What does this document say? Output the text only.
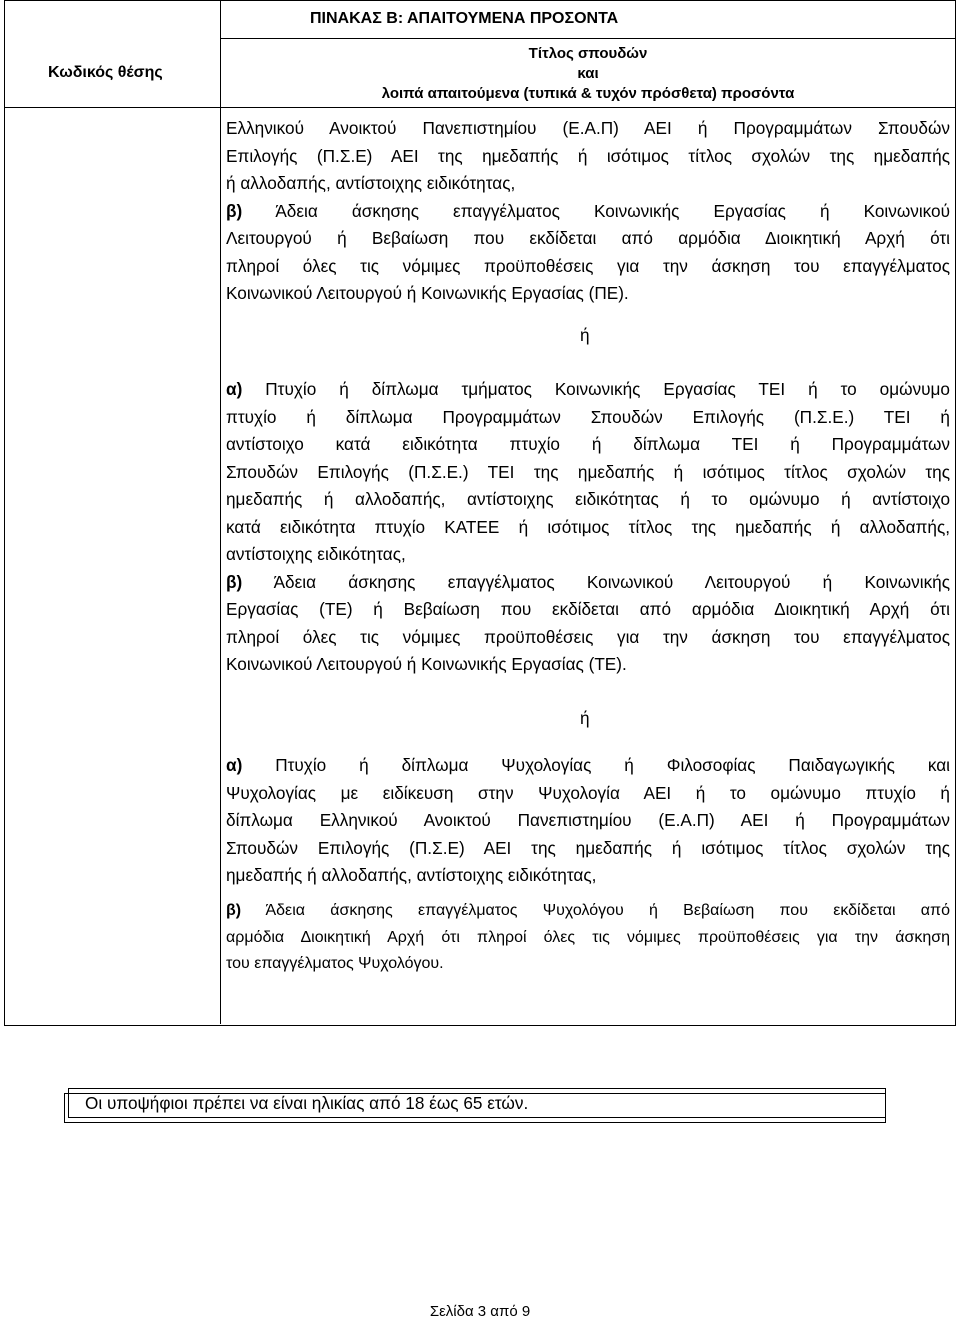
ΠΙΝΑΚΑΣ Β: ΑΠΑΙΤΟΥΜΕΝΑ ΠΡΟΣΟΝΤΑ
Κωδικός θέσης
Τίτλος σπουδών
και
λοιπά απαιτούμενα (τυπικά & τυχόν πρόσθετα) προσόντα
Ελληνικού Ανοικτού Πανεπιστημίου (Ε.Α.Π) ΑΕΙ ή Προγραμμάτων Σπουδών
Επιλογής (Π.Σ.Ε) ΑΕΙ της ημεδαπής ή ισότιμος τίτλος σχολών της ημεδαπής
ή αλλοδαπής, αντίστοιχης ειδικότητας,
β) Άδεια άσκησης επαγγέλματος Κοινωνικής Εργασίας ή Κοινωνικού
Λειτουργού ή Βεβαίωση που εκδίδεται από αρμόδια Διοικητική Αρχή ότι
πληροί όλες τις νόμιμες προϋποθέσεις για την άσκηση του επαγγέλματος
Κοινωνικού Λειτουργού ή Κοινωνικής Εργασίας (ΠΕ).
ή
α) Πτυχίο ή δίπλωμα τμήματος Κοινωνικής Εργασίας ΤΕΙ ή το ομώνυμο
πτυχίο ή δίπλωμα Προγραμμάτων Σπουδών Επιλογής (Π.Σ.Ε.) ΤΕΙ ή
αντίστοιχο κατά ειδικότητα πτυχίο ή δίπλωμα ΤΕΙ ή Προγραμμάτων
Σπουδών Επιλογής (Π.Σ.Ε.) ΤΕΙ της ημεδαπής ή ισότιμος τίτλος σχολών της
ημεδαπής ή αλλοδαπής, αντίστοιχης ειδικότητας ή το ομώνυμο ή αντίστοιχο
κατά ειδικότητα πτυχίο ΚΑΤΕΕ ή ισότιμος τίτλος της ημεδαπής ή αλλοδαπής,
αντίστοιχης ειδικότητας,
β) Άδεια άσκησης επαγγέλματος Κοινωνικού Λειτουργού ή Κοινωνικής
Εργασίας (ΤΕ) ή Βεβαίωση που εκδίδεται από αρμόδια Διοικητική Αρχή ότι
πληροί όλες τις νόμιμες προϋποθέσεις για την άσκηση του επαγγέλματος
Κοινωνικού Λειτουργού ή Κοινωνικής Εργασίας (ΤΕ).
ή
α) Πτυχίο ή δίπλωμα Ψυχολογίας ή Φιλοσοφίας Παιδαγωγικής και
Ψυχολογίας με ειδίκευση στην Ψυχολογία ΑΕΙ ή το ομώνυμο πτυχίο ή
δίπλωμα Ελληνικού Ανοικτού Πανεπιστημίου (Ε.Α.Π) ΑΕΙ ή Προγραμμάτων
Σπουδών Επιλογής (Π.Σ.Ε) ΑΕΙ της ημεδαπής ή ισότιμος τίτλος σχολών της
ημεδαπής ή αλλοδαπής, αντίστοιχης ειδικότητας,
β) Άδεια άσκησης επαγγέλματος Ψυχολόγου ή Βεβαίωση που εκδίδεται από
αρμόδια Διοικητική Αρχή ότι πληροί όλες τις νόμιμες προϋποθέσεις για την άσκηση
του επαγγέλματος Ψυχολόγου.
Οι υποψήφιοι πρέπει να είναι ηλικίας από 18 έως 65 ετών.
Σελίδα 3 από 9
